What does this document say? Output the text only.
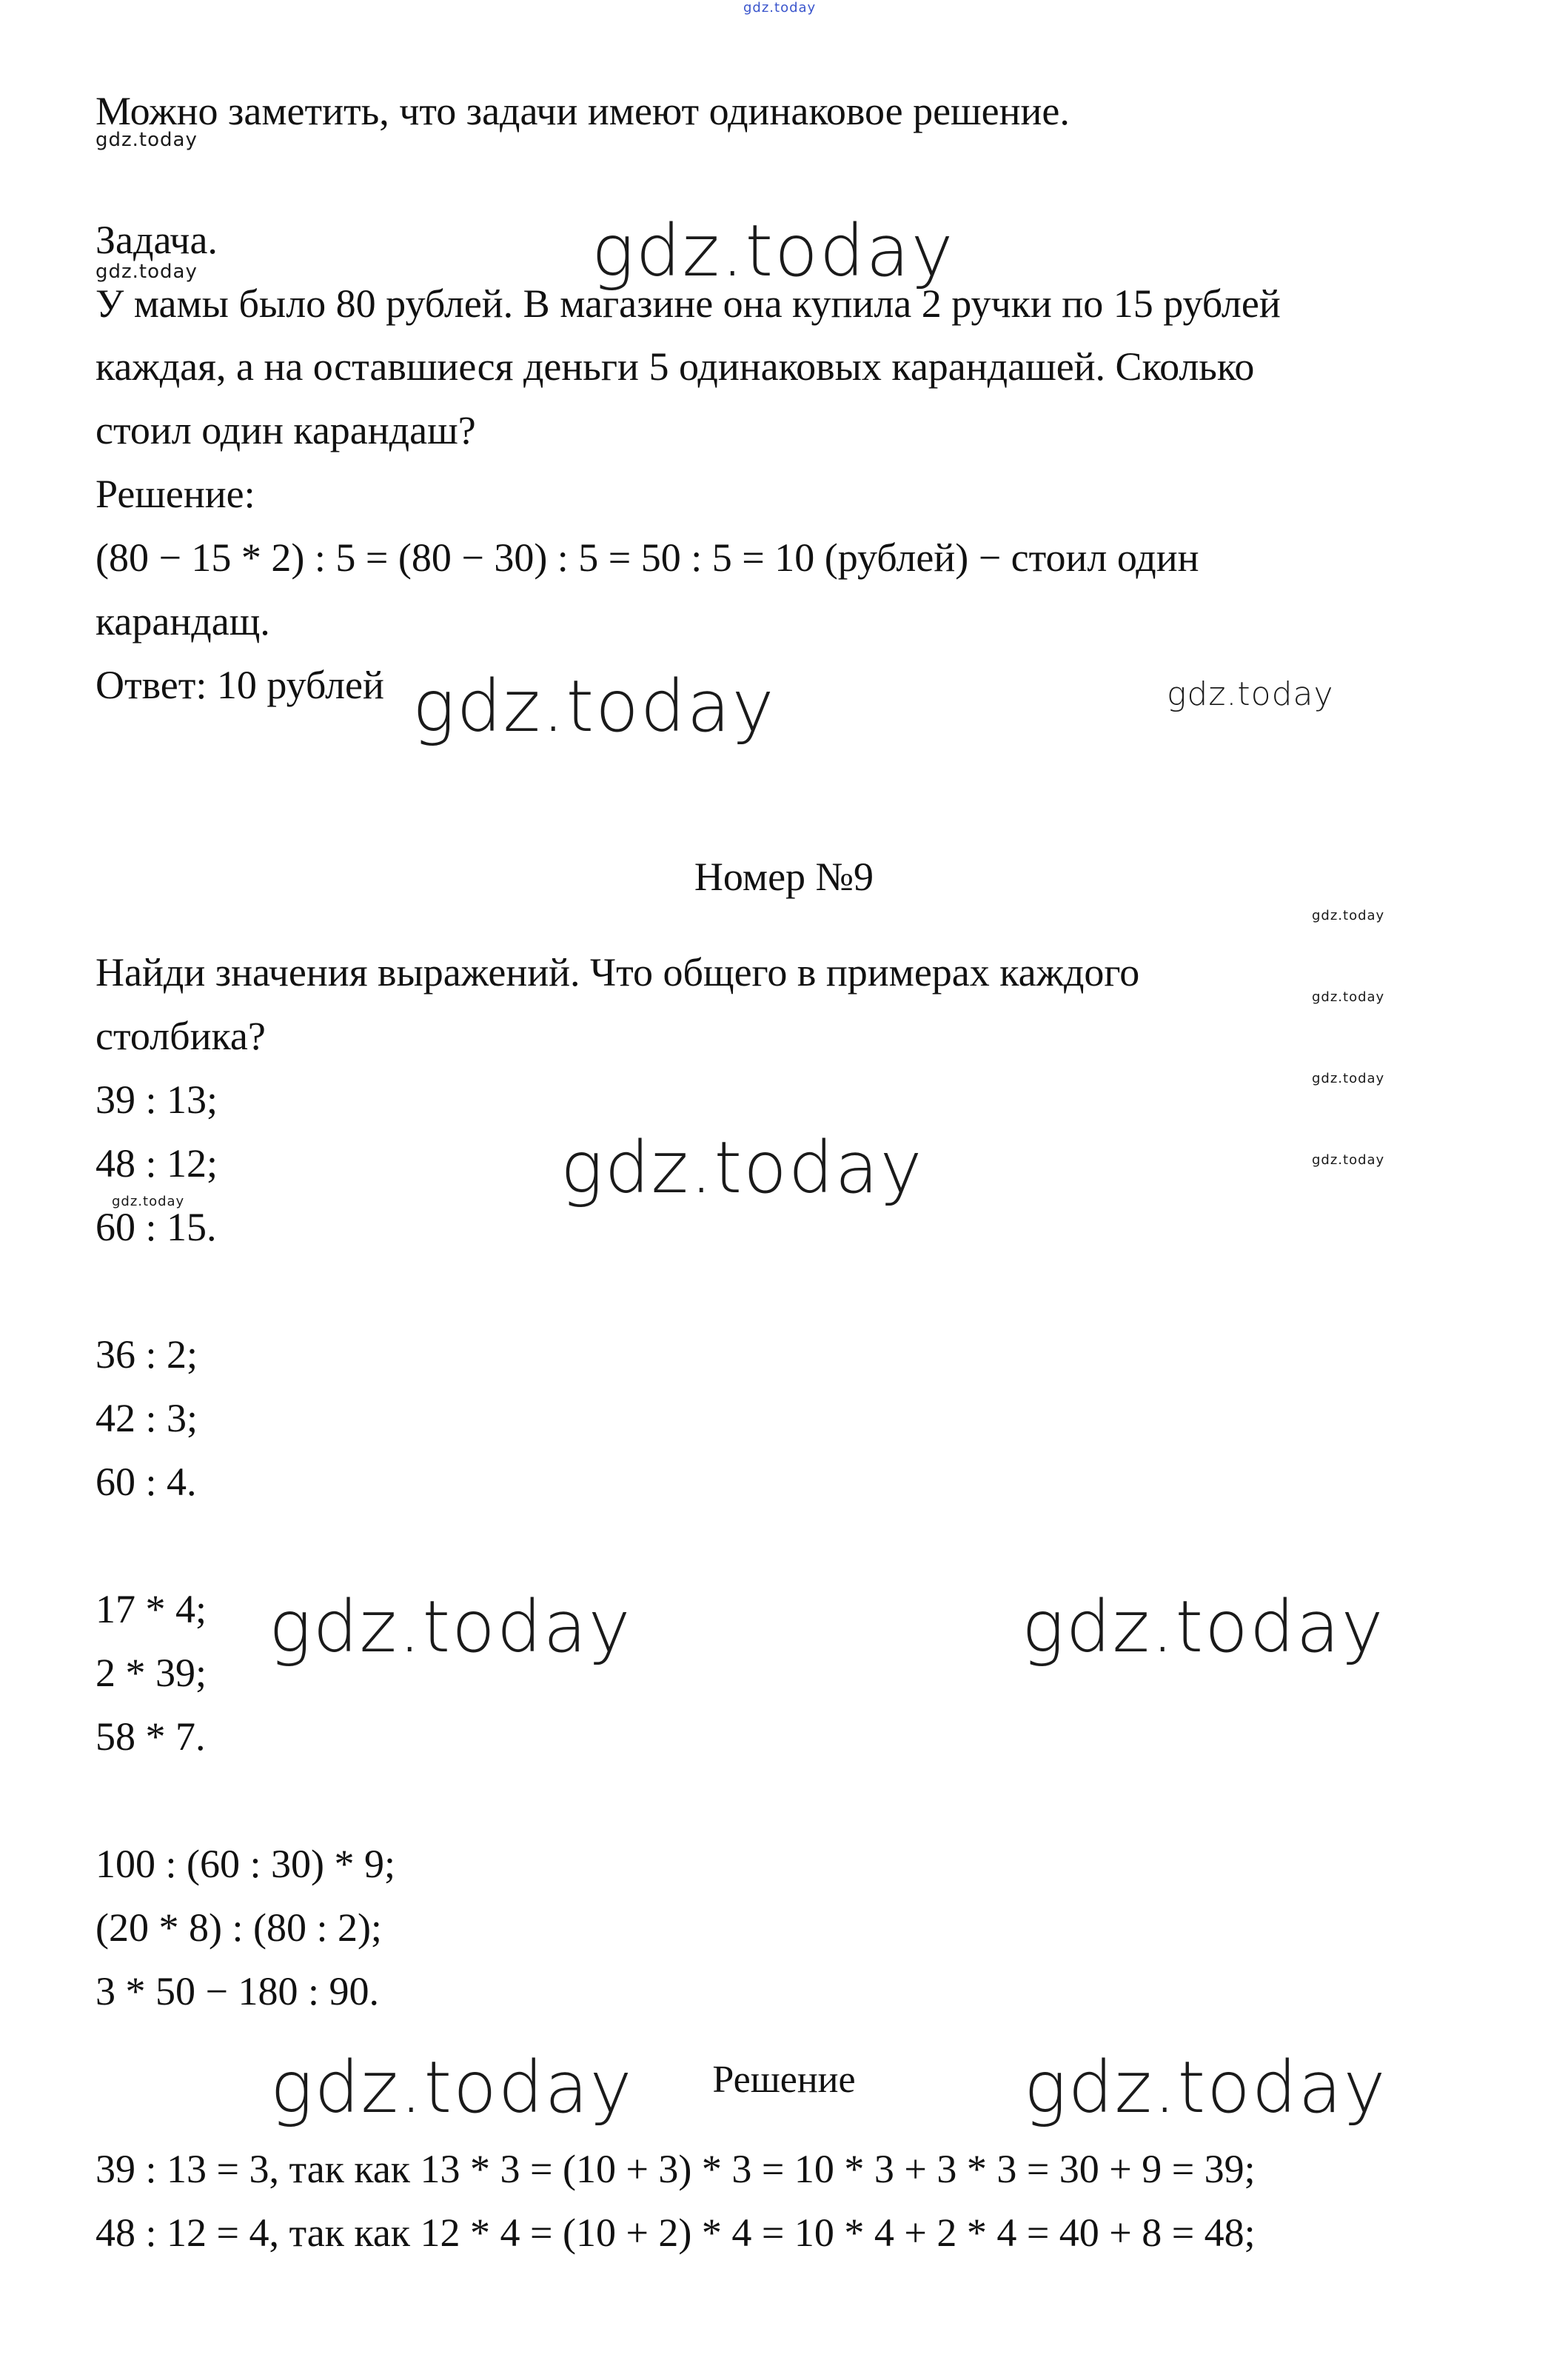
gdz.today
Можно заметить, что задачи имеют одинаковое решение.
gdz.today
Задача.	gdz.today
gdz.today
У мамы было 80 рублей. В магазине она купила 2 ручки по 15 рублей
каждая, а на оставшиеся деньги 5 одинаковых карандашей. Сколько
стоил один карандаш?
Решение:
(80 − 15 * 2) : 5 = (80 − 30) : 5 = 50 : 5 = 10 (рублей) − стоил один
карандащ.
Ответ: 10 рублей gdz.today	gdz.today
Номер №9
gdz.today
Найди значения выражений. Что общего в примерах каждого
gdz.today
столбика?
gdz.today
39 : 13;
48 : 12;	gdz.today
gdz.today
gdz.today
60 : 15.
36 : 2;
42 : 3;
60 : 4.
17 * 4; gdz.today	gdz.today
2 * 39;
58 * 7.
100 : (60 : 30) * 9;
(20 * 8) : (80 : 2);
3 * 50 − 180 : 90.
gdz.today	Решение	gdz.today
39 : 13 = 3, так как 13 * 3 = (10 + 3) * 3 = 10 * 3 + 3 * 3 = 30 + 9 = 39;
48 : 12 = 4, так как 12 * 4 = (10 + 2) * 4 = 10 * 4 + 2 * 4 = 40 + 8 = 48;
